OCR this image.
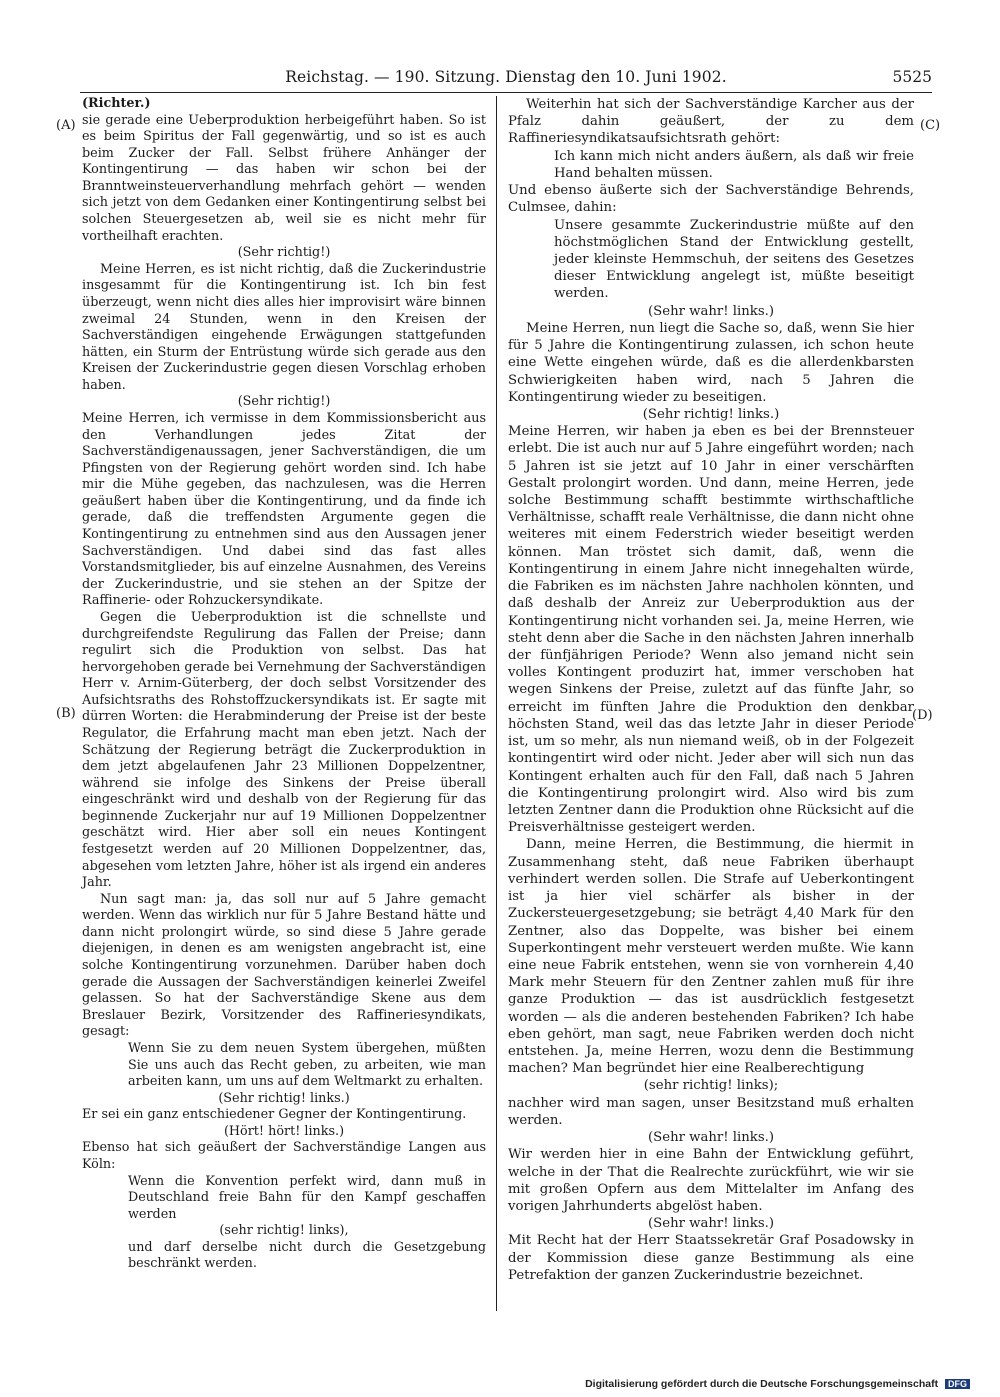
Reichstag. — 190. Sitzung. Dienstag den 10. Juni 1902.	5525
(A)
(B)
(C)
(D)

(Richter.)

sie gerade eine Ueberproduktion herbeigeführt haben. So ist es beim Spiritus der Fall gegenwärtig, und so ist es auch beim Zucker der Fall. Selbst frühere Anhänger der Kontingentirung — das haben wir schon bei der Branntweinsteuerverhandlung mehrfach gehört — wenden sich jetzt von dem Gedanken einer Kontingentirung selbst bei solchen Steuergesetzen ab, weil sie es nicht mehr für vortheilhaft erachten.

(Sehr richtig!)

Meine Herren, es ist nicht richtig, daß die Zuckerindustrie insgesammt für die Kontingentirung ist. Ich bin fest überzeugt, wenn nicht dies alles hier improvisirt wäre binnen zweimal 24 Stunden, wenn in den Kreisen der Sachverständigen eingehende Erwägungen stattgefunden hätten, ein Sturm der Entrüstung würde sich gerade aus den Kreisen der Zuckerindustrie gegen diesen Vorschlag erhoben haben.

(Sehr richtig!)

Meine Herren, ich vermisse in dem Kommissionsbericht aus den Verhandlungen jedes Zitat der Sachverständigenaussagen, jener Sachverständigen, die um Pfingsten von der Regierung gehört worden sind. Ich habe mir die Mühe gegeben, das nachzulesen, was die Herren geäußert haben über die Kontingentirung, und da finde ich gerade, daß die treffendsten Argumente gegen die Kontingentirung zu entnehmen sind aus den Aussagen jener Sachverständigen. Und dabei sind das fast alles Vorstandsmitglieder, bis auf einzelne Ausnahmen, des Vereins der Zuckerindustrie, und sie stehen an der Spitze der Raffinerie- oder Rohzuckersyndikate.

Gegen die Ueberproduktion ist die schnellste und durchgreifendste Regulirung das Fallen der Preise; dann regulirt sich die Produktion von selbst. Das hat hervorgehoben gerade bei Vernehmung der Sachverständigen Herr v. Arnim-Güterberg, der doch selbst Vorsitzender des Aufsichtsraths des Rohstoffzuckersyndikats ist. Er sagte mit dürren Worten: die Herabminderung der Preise ist der beste Regulator, die Erfahrung macht man eben jetzt. Nach der Schätzung der Regierung beträgt die Zuckerproduktion in dem jetzt abgelaufenen Jahr 23 Millionen Doppelzentner, während sie infolge des Sinkens der Preise überall eingeschränkt wird und deshalb von der Regierung für das beginnende Zuckerjahr nur auf 19 Millionen Doppelzentner geschätzt wird. Hier aber soll ein neues Kontingent festgesetzt werden auf 20 Millionen Doppelzentner, das, abgesehen vom letzten Jahre, höher ist als irgend ein anderes Jahr.

Nun sagt man: ja, das soll nur auf 5 Jahre gemacht werden. Wenn das wirklich nur für 5 Jahre Bestand hätte und dann nicht prolongirt würde, so sind diese 5 Jahre gerade diejenigen, in denen es am wenigsten angebracht ist, eine solche Kontingentirung vorzunehmen. Darüber haben doch gerade die Aussagen der Sachverständigen keinerlei Zweifel gelassen. So hat der Sachverständige Skene aus dem Breslauer Bezirk, Vorsitzender des Raffineriesyndikats, gesagt:

Wenn Sie zu dem neuen System übergehen, müßten Sie uns auch das Recht geben, zu arbeiten, wie man arbeiten kann, um uns auf dem Weltmarkt zu erhalten.

(Sehr richtig! links.)

Er sei ein ganz entschiedener Gegner der Kontingentirung.

(Hört! hört! links.)

Ebenso hat sich geäußert der Sachverständige Langen aus Köln:

Wenn die Konvention perfekt wird, dann muß in Deutschland freie Bahn für den Kampf geschaffen werden

(sehr richtig! links),

und darf derselbe nicht durch die Gesetzgebung beschränkt werden.

Weiterhin hat sich der Sachverständige Karcher aus der Pfalz dahin geäußert, der zu dem Raffineriesyndikatsaufsichtsrath gehört:

Ich kann mich nicht anders äußern, als daß wir freie Hand behalten müssen.

Und ebenso äußerte sich der Sachverständige Behrends, Culmsee, dahin:

Unsere gesammte Zuckerindustrie müßte auf den höchstmöglichen Stand der Entwicklung gestellt, jeder kleinste Hemmschuh, der seitens des Gesetzes dieser Entwicklung angelegt ist, müßte beseitigt werden.

(Sehr wahr! links.)

Meine Herren, nun liegt die Sache so, daß, wenn Sie hier für 5 Jahre die Kontingentirung zulassen, ich schon heute eine Wette eingehen würde, daß es die allerdenkbarsten Schwierigkeiten haben wird, nach 5 Jahren die Kontingentirung wieder zu beseitigen.

(Sehr richtig! links.)

Meine Herren, wir haben ja eben es bei der Brennsteuer erlebt. Die ist auch nur auf 5 Jahre eingeführt worden; nach 5 Jahren ist sie jetzt auf 10 Jahr in einer verschärften Gestalt prolongirt worden. Und dann, meine Herren, jede solche Bestimmung schafft bestimmte wirthschaftliche Verhältnisse, schafft reale Verhältnisse, die dann nicht ohne weiteres mit einem Federstrich wieder beseitigt werden können. Man tröstet sich damit, daß, wenn die Kontingentirung in einem Jahre nicht innegehalten würde, die Fabriken es im nächsten Jahre nachholen könnten, und daß deshalb der Anreiz zur Ueberproduktion aus der Kontingentirung nicht vorhanden sei. Ja, meine Herren, wie steht denn aber die Sache in den nächsten Jahren innerhalb der fünfjährigen Periode? Wenn also jemand nicht sein volles Kontingent produzirt hat, immer verschoben hat wegen Sinkens der Preise, zuletzt auf das fünfte Jahr, so erreicht im fünften Jahre die Produktion den denkbar höchsten Stand, weil das das letzte Jahr in dieser Periode ist, um so mehr, als nun niemand weiß, ob in der Folgezeit kontingentirt wird oder nicht. Jeder aber will sich nun das Kontingent erhalten auch für den Fall, daß nach 5 Jahren die Kontingentirung prolongirt wird. Also wird bis zum letzten Zentner dann die Produktion ohne Rücksicht auf die Preisverhältnisse gesteigert werden.

Dann, meine Herren, die Bestimmung, die hiermit in Zusammenhang steht, daß neue Fabriken überhaupt verhindert werden sollen. Die Strafe auf Ueberkontingent ist ja hier viel schärfer als bisher in der Zuckersteuergesetzgebung; sie beträgt 4,40 Mark für den Zentner, also das Doppelte, was bisher bei einem Superkontingent mehr versteuert werden mußte. Wie kann eine neue Fabrik entstehen, wenn sie von vornherein 4,40 Mark mehr Steuern für den Zentner zahlen muß für ihre ganze Produktion — das ist ausdrücklich festgesetzt worden — als die anderen bestehenden Fabriken? Ich habe eben gehört, man sagt, neue Fabriken werden doch nicht entstehen. Ja, meine Herren, wozu denn die Bestimmung machen? Man begründet hier eine Realberechtigung

(sehr richtig! links);

nachher wird man sagen, unser Besitzstand muß erhalten werden.

(Sehr wahr! links.)

Wir werden hier in eine Bahn der Entwicklung geführt, welche in der That die Realrechte zurückführt, wie wir sie mit großen Opfern aus dem Mittelalter im Anfang des vorigen Jahrhunderts abgelöst haben.

(Sehr wahr! links.)

Mit Recht hat der Herr Staatssekretär Graf Posadowsky in der Kommission diese ganze Bestimmung als eine Petrefaktion der ganzen Zuckerindustrie bezeichnet.

Digitalisierung gefördert durch die Deutsche Forschungsgemeinschaft DFG
